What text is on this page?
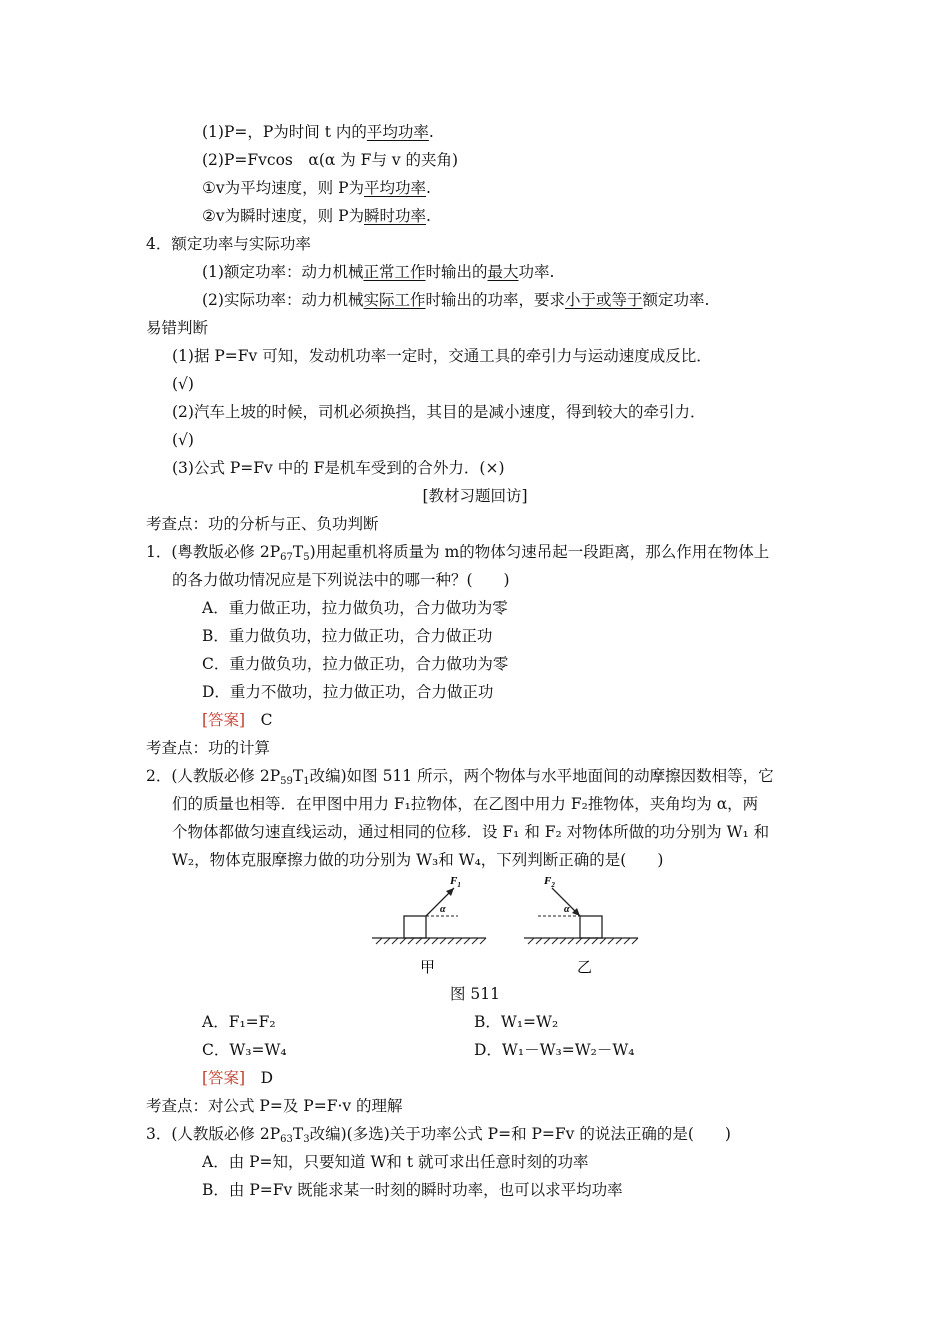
(1)P=，P为时间 t 内的平均功率.
(2)P=Fvcos　α(α 为 F与 v 的夹角)
①v为平均速度，则 P为平均功率.
②v为瞬时速度，则 P为瞬时功率.
4．额定功率与实际功率
(1)额定功率：动力机械正常工作时输出的最大功率.
(2)实际功率：动力机械实际工作时输出的功率，要求小于或等于额定功率.
易错判断
(1)据 P=Fv 可知，发动机功率一定时，交通工具的牵引力与运动速度成反比．
(√)
(2)汽车上坡的时候，司机必须换挡，其目的是减小速度，得到较大的牵引力．
(√)
(3)公式 P=Fv 中的 F是机车受到的合外力．(×)
[教材习题回访]
考查点：功的分析与正、负功判断
1．(粤教版必修 $2P_{67}T_5$)用起重机将质量为 m的物体匀速吊起一段距离，那么作用在物体上
的各力做功情况应是下列说法中的哪一种？(　　)
A．重力做正功，拉力做负功，合力做功为零
B．重力做负功，拉力做正功，合力做正功
C．重力做负功，拉力做正功，合力做功为零
D．重力不做功，拉力做正功，合力做正功
[答案]　 C
考查点：功的计算
2．(人教版必修 $2P_{59}T_1$改编)如图 511 所示，两个物体与水平地面间的动摩擦因数相等，它
们的质量也相等．在甲图中用力 F₁拉物体，在乙图中用力 F₂推物体，夹角均为 α，两
个物体都做匀速直线运动，通过相同的位移．设 F₁ 和 F₂ 对物体所做的功分别为 W₁ 和
W₂，物体克服摩擦力做的功分别为 W₃和 W₄，下列判断正确的是(　　)
$F_1$
α
$F_2$
α
甲	乙
图 511
A．F₁=F₂	B．W₁=W₂
C．W₃=W₄	D．W₁－W₃=W₂－W₄
[答案]　 D
考查点：对公式 P=及 P=F·v 的理解
3．(人教版必修 $2P_{63}T_3$改编)(多选)关于功率公式 P=和 P=Fv 的说法正确的是(　　)
A．由 P=知，只要知道 W和 t 就可求出任意时刻的功率
B．由 P=Fv 既能求某一时刻的瞬时功率，也可以求平均功率
